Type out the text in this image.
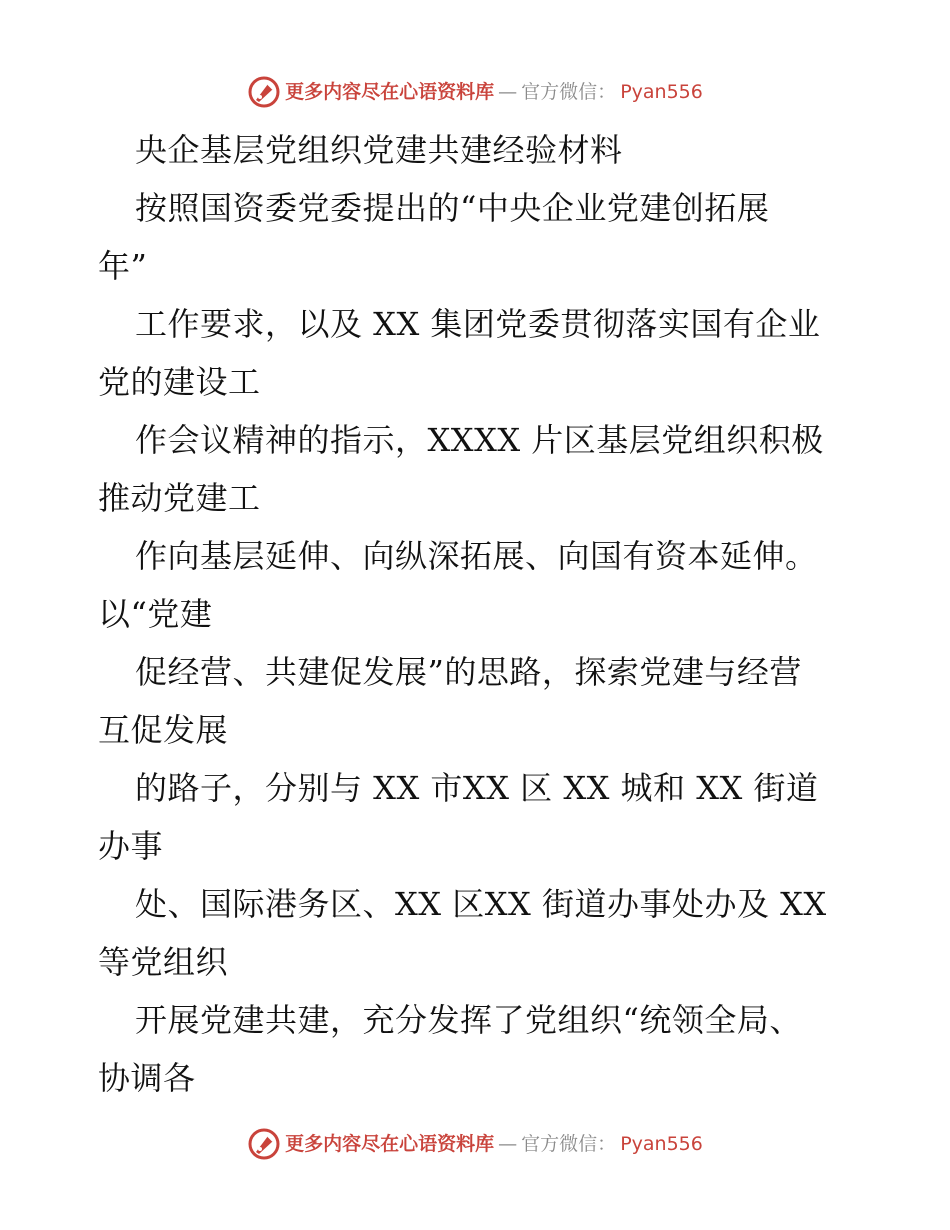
更多内容尽在心语资料库 — 官方微信： Pyan556
央企基层党组织党建共建经验材料
按照国资委党委提出的“中央企业党建创拓展
年”
工作要求，以及 XX 集团党委贯彻落实国有企业
党的建设工
作会议精神的指示，XXXX 片区基层党组织积极
推动党建工
作向基层延伸、向纵深拓展、向国有资本延伸。
以“党建
促经营、共建促发展”的思路，探索党建与经营
互促发展
的路子，分别与 XX 市XX 区 XX 城和 XX 街道
办事
处、国际港务区、XX 区XX 街道办事处办及 XX
等党组织
开展党建共建，充分发挥了党组织“统领全局、
协调各
更多内容尽在心语资料库 — 官方微信： Pyan556
